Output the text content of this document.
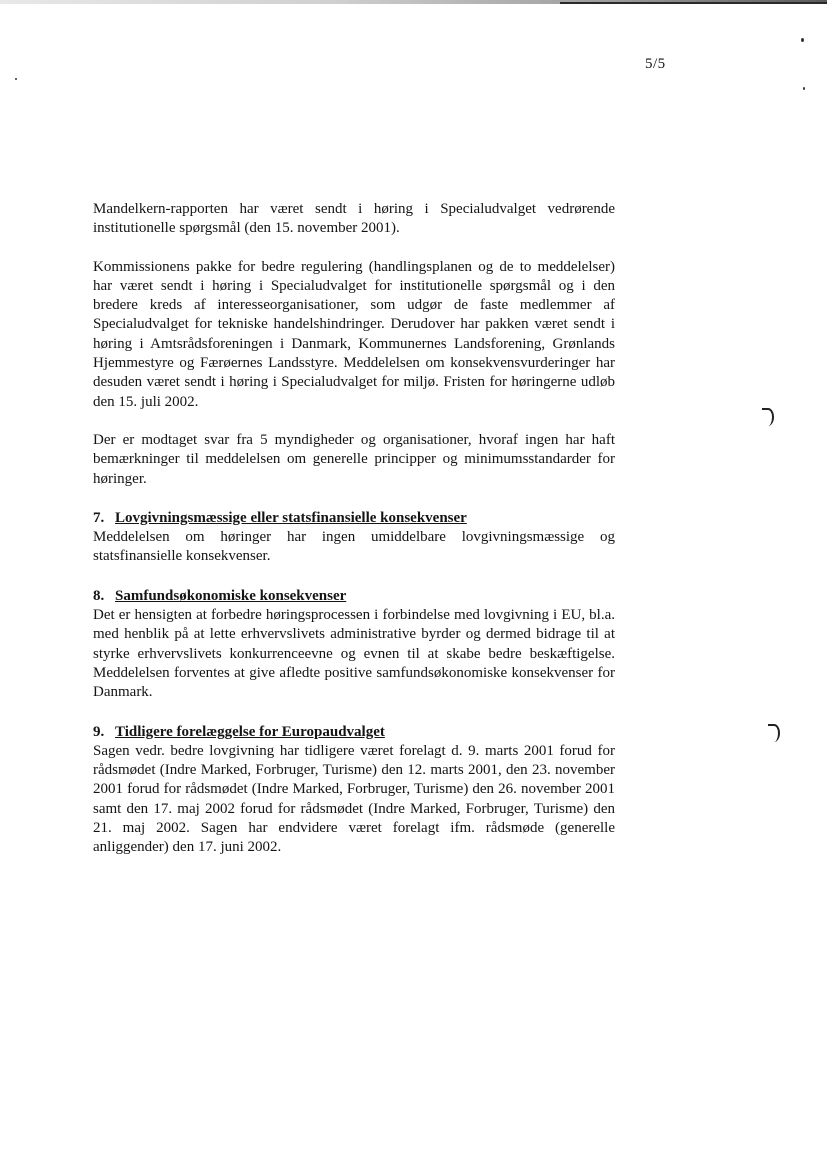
5/5

Mandelkern-rapporten har været sendt i høring i Specialudvalget vedrørende institutionelle spørgsmål (den 15. november 2001).

Kommissionens pakke for bedre regulering (handlingsplanen og de to meddelelser) har været sendt i høring i Specialudvalget for institutionelle spørgsmål og i den bredere kreds af interesseorganisationer, som udgør de faste medlemmer af Specialudvalget for tekniske handelshindringer. Derudover har pakken været sendt i høring i Amtsrådsforeningen i Danmark, Kommunernes Landsforening, Grønlands Hjemmestyre og Færøernes Landsstyre. Meddelelsen om konsekvensvurderinger har desuden været sendt i høring i Specialudvalget for miljø. Fristen for høringerne udløb den 15. juli 2002.

Der er modtaget svar fra 5 myndigheder og organisationer, hvoraf ingen har haft bemærkninger til meddelelsen om generelle principper og minimumsstandarder for høringer.

7. Lovgivningsmæssige eller statsfinansielle konsekvenser

Meddelelsen om høringer har ingen umiddelbare lovgivningsmæssige og statsfinansielle konsekvenser.

8. Samfundsøkonomiske konsekvenser

Det er hensigten at forbedre høringsprocessen i forbindelse med lovgivning i EU, bl.a. med henblik på at lette erhvervslivets administrative byrder og dermed bidrage til at styrke erhvervslivets konkurrenceevne og evnen til at skabe bedre beskæftigelse. Meddelelsen forventes at give afledte positive samfundsøkonomiske konsekvenser for Danmark.

9. Tidligere forelæggelse for Europaudvalget

Sagen vedr. bedre lovgivning har tidligere været forelagt d. 9. marts 2001 forud for rådsmødet (Indre Marked, Forbruger, Turisme) den 12. marts 2001, den 23. november 2001 forud for rådsmødet (Indre Marked, Forbruger, Turisme) den 26. november 2001 samt den 17. maj 2002 forud for rådsmødet (Indre Marked, Forbruger, Turisme) den 21. maj 2002. Sagen har endvidere været forelagt ifm. rådsmøde (generelle anliggender) den 17. juni 2002.
